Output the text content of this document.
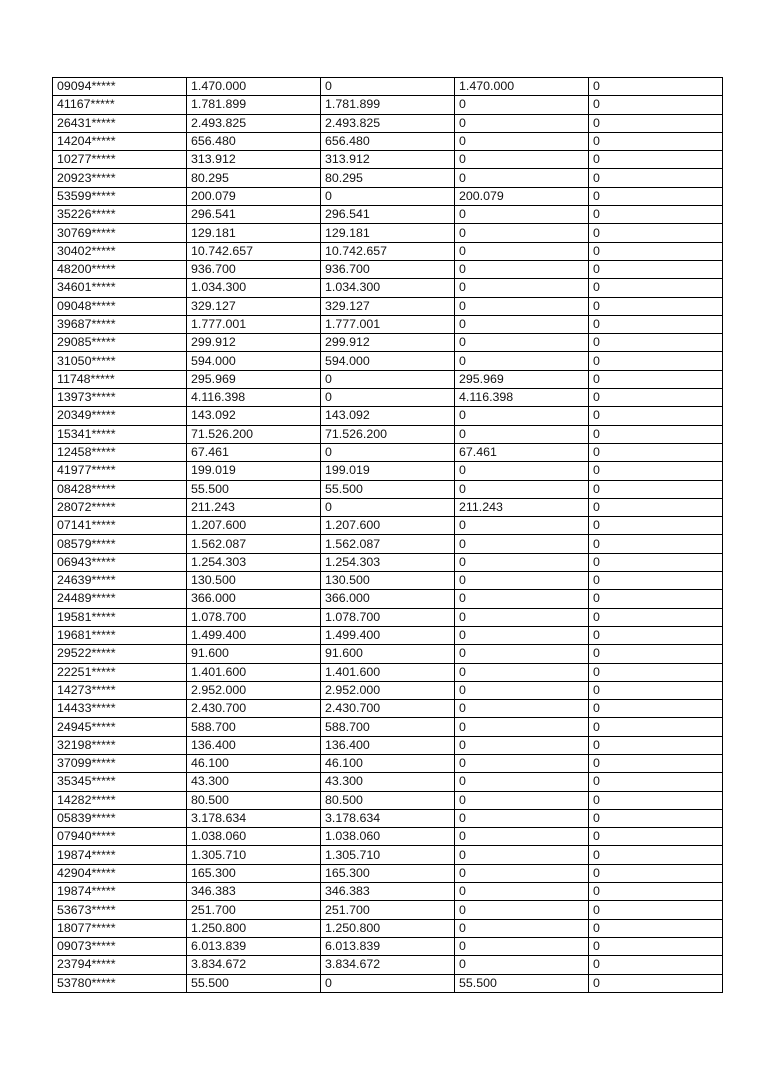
09094*****	1.470.000	0	1.470.000	0
41167*****	1.781.899	1.781.899	0	0
26431*****	2.493.825	2.493.825	0	0
14204*****	656.480	656.480	0	0
10277*****	313.912	313.912	0	0
20923*****	80.295	80.295	0	0
53599*****	200.079	0	200.079	0
35226*****	296.541	296.541	0	0
30769*****	129.181	129.181	0	0
30402*****	10.742.657	10.742.657	0	0
48200*****	936.700	936.700	0	0
34601*****	1.034.300	1.034.300	0	0
09048*****	329.127	329.127	0	0
39687*****	1.777.001	1.777.001	0	0
29085*****	299.912	299.912	0	0
31050*****	594.000	594.000	0	0
11748*****	295.969	0	295.969	0
13973*****	4.116.398	0	4.116.398	0
20349*****	143.092	143.092	0	0
15341*****	71.526.200	71.526.200	0	0
12458*****	67.461	0	67.461	0
41977*****	199.019	199.019	0	0
08428*****	55.500	55.500	0	0
28072*****	211.243	0	211.243	0
07141*****	1.207.600	1.207.600	0	0
08579*****	1.562.087	1.562.087	0	0
06943*****	1.254.303	1.254.303	0	0
24639*****	130.500	130.500	0	0
24489*****	366.000	366.000	0	0
19581*****	1.078.700	1.078.700	0	0
19681*****	1.499.400	1.499.400	0	0
29522*****	91.600	91.600	0	0
22251*****	1.401.600	1.401.600	0	0
14273*****	2.952.000	2.952.000	0	0
14433*****	2.430.700	2.430.700	0	0
24945*****	588.700	588.700	0	0
32198*****	136.400	136.400	0	0
37099*****	46.100	46.100	0	0
35345*****	43.300	43.300	0	0
14282*****	80.500	80.500	0	0
05839*****	3.178.634	3.178.634	0	0
07940*****	1.038.060	1.038.060	0	0
19874*****	1.305.710	1.305.710	0	0
42904*****	165.300	165.300	0	0
19874*****	346.383	346.383	0	0
53673*****	251.700	251.700	0	0
18077*****	1.250.800	1.250.800	0	0
09073*****	6.013.839	6.013.839	0	0
23794*****	3.834.672	3.834.672	0	0
53780*****	55.500	0	55.500	0
